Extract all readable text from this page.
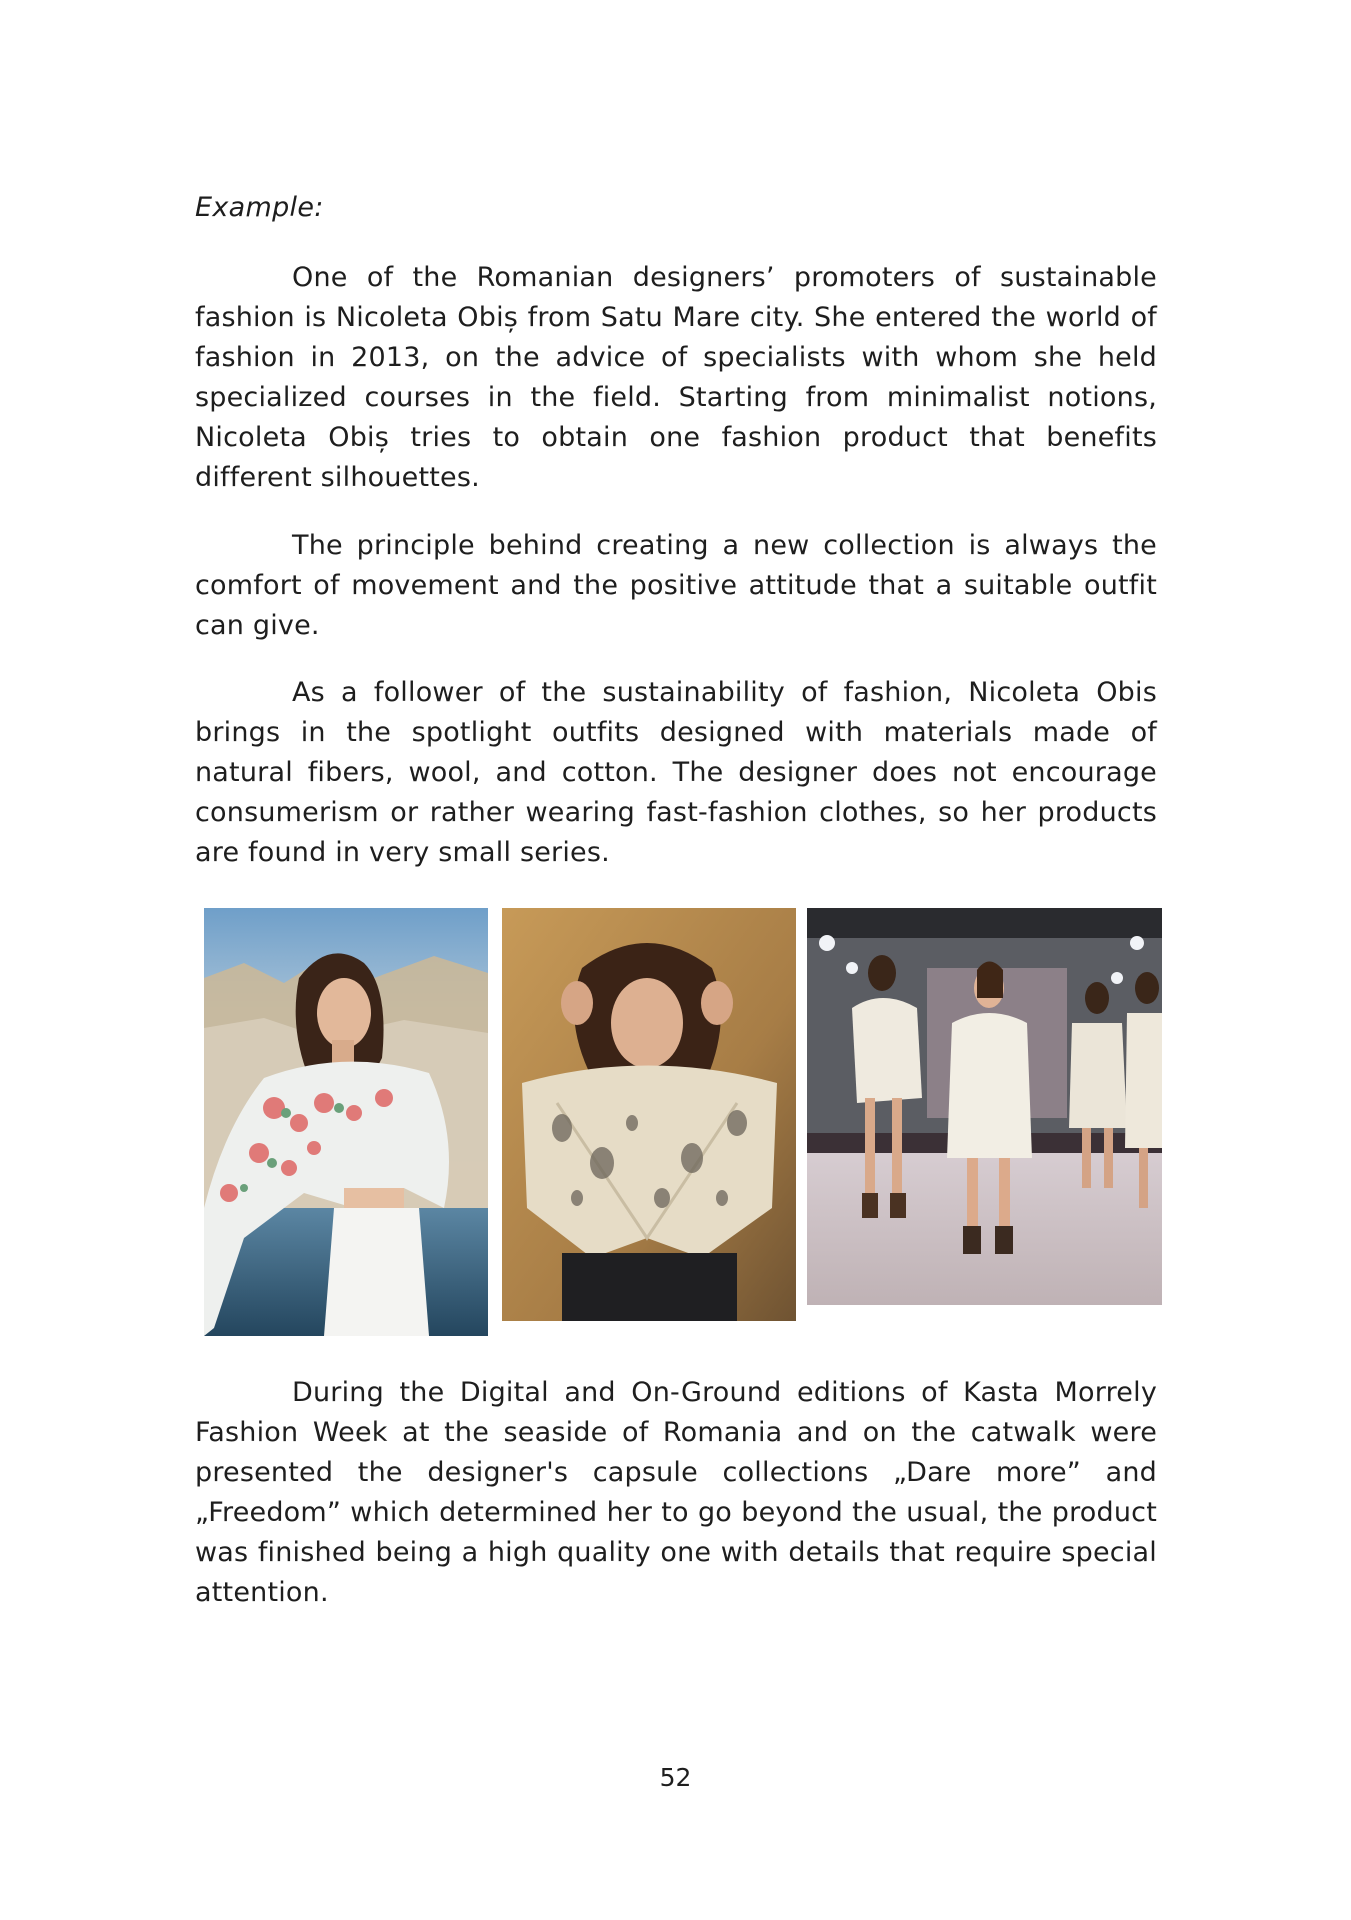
Example:

One of the Romanian designers’ promoters of sustainable fashion is Nicoleta Obiș from Satu Mare city. She entered the world of fashion in 2013, on the advice of specialists with whom she held specialized courses in the field. Starting from minimalist notions, Nicoleta Obiș tries to obtain one fashion product that benefits different silhouettes.

The principle behind creating a new collection is always the comfort of movement and the positive attitude that a suitable outfit can give.

As a follower of the sustainability of fashion, Nicoleta Obis brings in the spotlight outfits designed with materials made of natural fibers, wool, and cotton. The designer does not encourage consumerism or rather wearing fast-fashion clothes, so her products are found in very small series.

During the Digital and On-Ground editions of Kasta Morrely Fashion Week at the seaside of Romania and on the catwalk were presented the designer's capsule collections „Dare more” and „Freedom” which determined her to go beyond the usual, the product was finished being a high quality one with details that require special attention.

52
